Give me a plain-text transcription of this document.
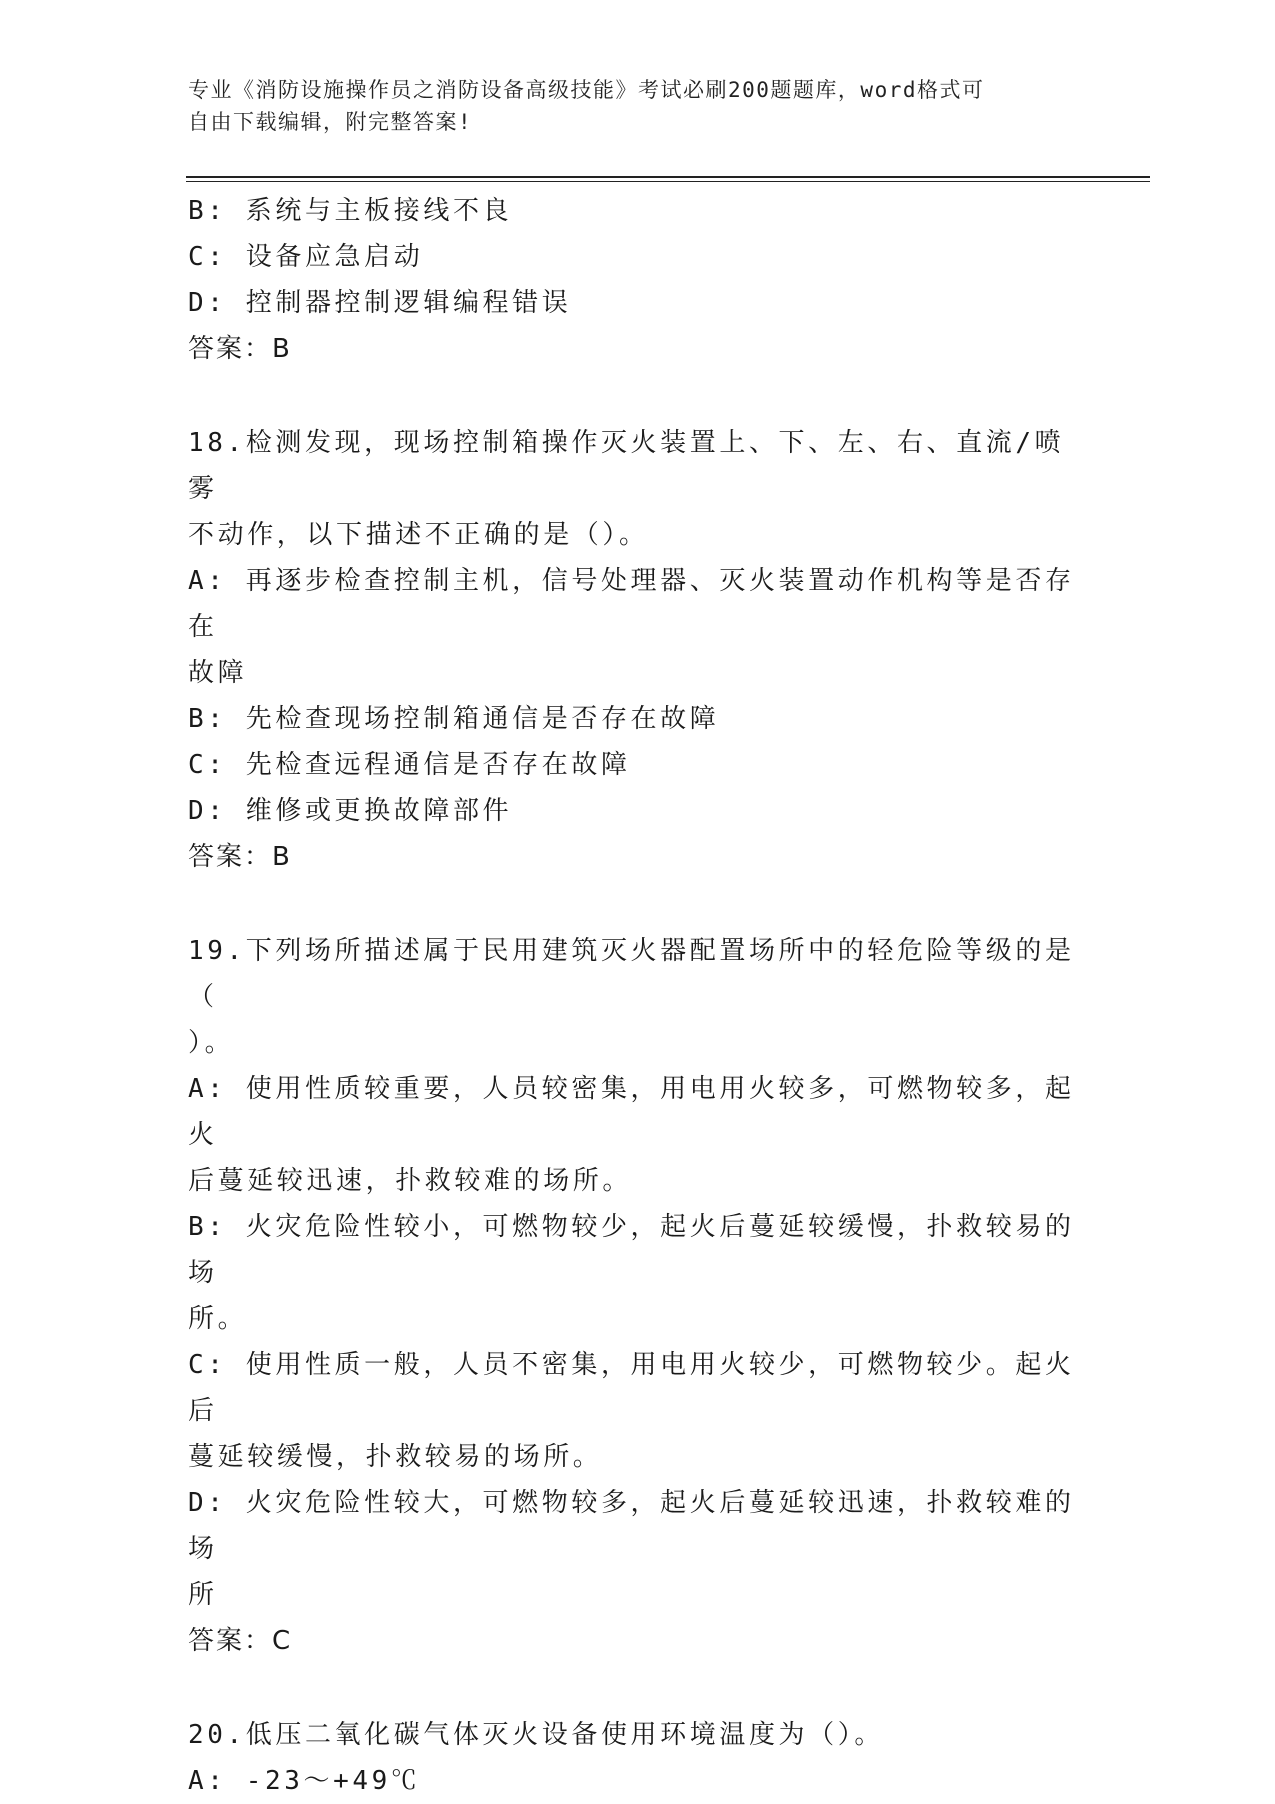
专业《消防设施操作员之消防设备高级技能》考试必刷200题题库，word格式可
自由下载编辑，附完整答案!

B: 系统与主板接线不良

C: 设备应急启动

D: 控制器控制逻辑编程错误

答案：B

18.检测发现，现场控制箱操作灭火装置上、下、左、右、直流/喷雾

不动作，以下描述不正确的是（）。

A: 再逐步检查控制主机，信号处理器、灭火装置动作机构等是否存在

故障

B: 先检查现场控制箱通信是否存在故障

C: 先检查远程通信是否存在故障

D: 维修或更换故障部件

答案：B

19.下列场所描述属于民用建筑灭火器配置场所中的轻危险等级的是（

）。

A: 使用性质较重要，人员较密集，用电用火较多，可燃物较多，起火

后蔓延较迅速，扑救较难的场所。

B: 火灾危险性较小，可燃物较少，起火后蔓延较缓慢，扑救较易的场

所。

C: 使用性质一般，人员不密集，用电用火较少，可燃物较少。起火后

蔓延较缓慢，扑救较易的场所。

D: 火灾危险性较大，可燃物较多，起火后蔓延较迅速，扑救较难的场

所

答案：C

20.低压二氧化碳气体灭火设备使用环境温度为（）。

A: -23～+49℃
